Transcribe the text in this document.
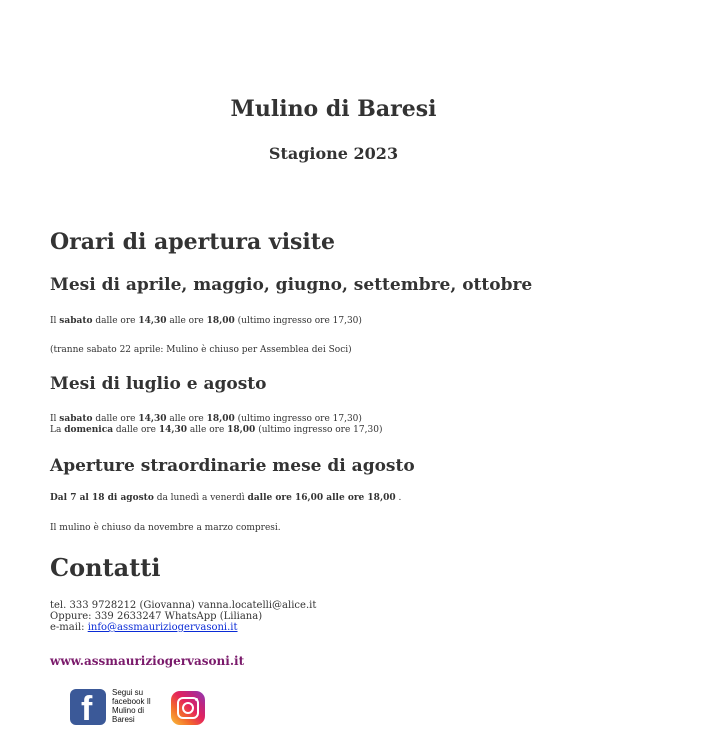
Mulino di Baresi
Stagione 2023
Orari di apertura visite
Mesi di aprile, maggio, giugno, settembre, ottobre
Il sabato dalle ore 14,30 alle ore 18,00 (ultimo ingresso ore 17,30)
(tranne sabato 22 aprile: Mulino è chiuso per Assemblea dei Soci)
Mesi di luglio e agosto
Il sabato dalle ore 14,30 alle ore 18,00 (ultimo ingresso ore 17,30)
La domenica dalle ore 14,30 alle ore 18,00 (ultimo ingresso ore 17,30)
Aperture straordinarie mese di agosto
Dal 7 al 18 di agosto da lunedì a venerdì dalle ore 16,00 alle ore 18,00 .
Il mulino è chiuso da novembre a marzo compresi.
Contatti
tel. 333 9728212 (Giovanna) vanna.locatelli@alice.it
Oppure: 339 2633247 WhatsApp (Liliana)
e-mail: info@assmauriziogervasoni.it
www.assmauriziogervasoni.it
f Segui su facebook Il Mulino di Baresi
